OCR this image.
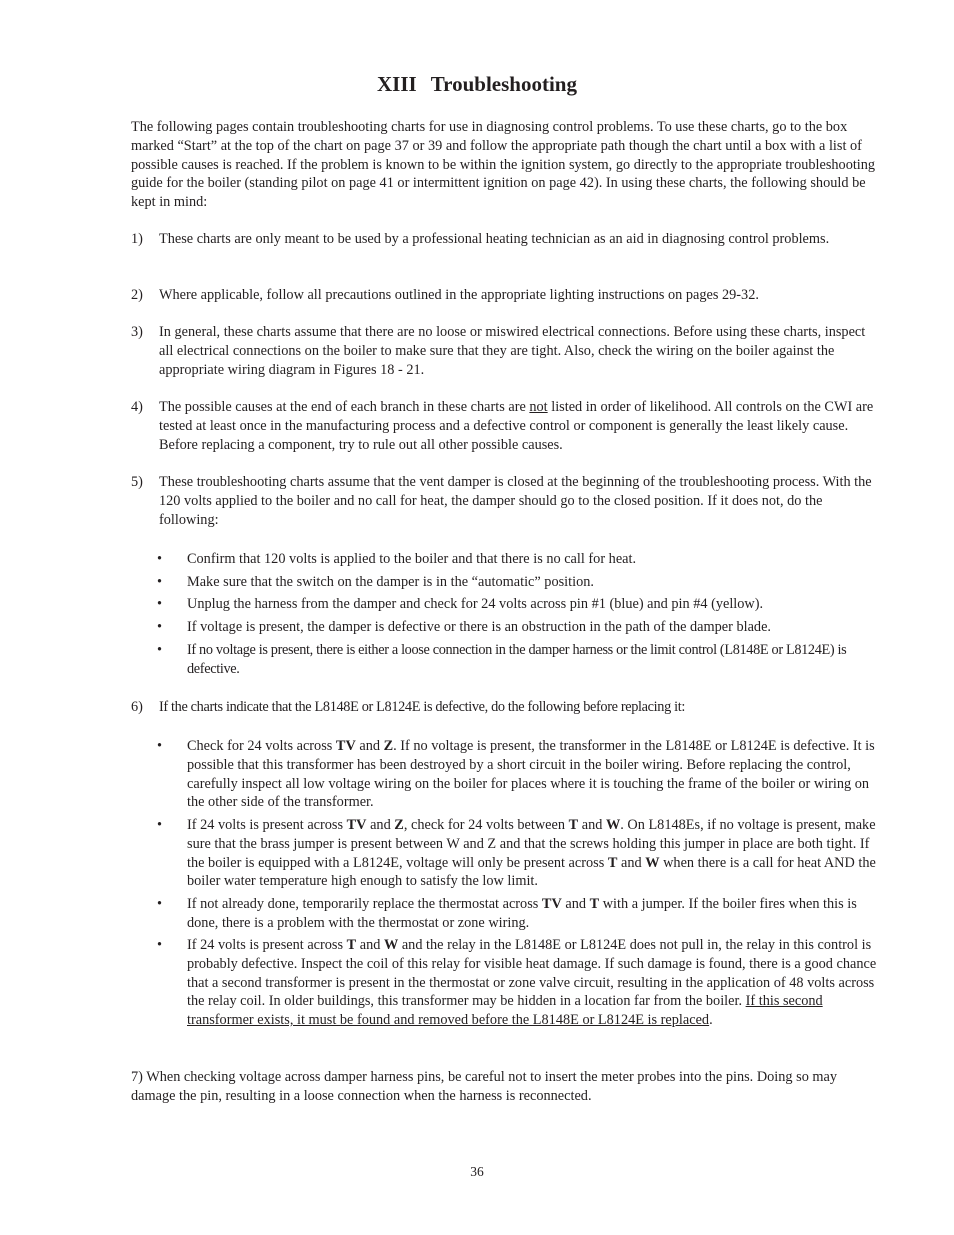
XIII Troubleshooting

The following pages contain troubleshooting charts for use in diagnosing control problems. To use these charts, go to the box marked “Start” at the top of the chart on page 37 or 39 and follow the appropriate path though the chart until a box with a list of possible causes is reached. If the problem is known to be within the ignition system, go directly to the appropriate troubleshooting guide for the boiler (standing pilot on page 41 or intermittent ignition on page 42). In using these charts, the following should be kept in mind:

1) These charts are only meant to be used by a professional heating technician as an aid in diagnosing control problems.
2) Where applicable, follow all precautions outlined in the appropriate lighting instructions on pages 29-32.
3) In general, these charts assume that there are no loose or miswired electrical connections. Before using these charts, inspect all electrical connections on the boiler to make sure that they are tight. Also, check the wiring on the boiler against the appropriate wiring diagram in Figures 18 - 21.
4) The possible causes at the end of each branch in these charts are not listed in order of likelihood. All controls on the CWI are tested at least once in the manufacturing process and a defective control or component is generally the least likely cause. Before replacing a component, try to rule out all other possible causes.
5) These troubleshooting charts assume that the vent damper is closed at the beginning of the troubleshooting process. With the 120 volts applied to the boiler and no call for heat, the damper should go to the closed position. If it does not, do the following:
• Confirm that 120 volts is applied to the boiler and that there is no call for heat.
• Make sure that the switch on the damper is in the “automatic” position.
• Unplug the harness from the damper and check for 24 volts across pin #1 (blue) and pin #4 (yellow).
• If voltage is present, the damper is defective or there is an obstruction in the path of the damper blade.
• If no voltage is present, there is either a loose connection in the damper harness or the limit control (L8148E or L8124E) is defective.
6) If the charts indicate that the L8148E or L8124E is defective, do the following before replacing it:
• Check for 24 volts across TV and Z. If no voltage is present, the transformer in the L8148E or L8124E is defective. It is possible that this transformer has been destroyed by a short circuit in the boiler wiring. Before replacing the control, carefully inspect all low voltage wiring on the boiler for places where it is touching the frame of the boiler or wiring on the other side of the transformer.
• If 24 volts is present across TV and Z, check for 24 volts between T and W. On L8148Es, if no voltage is present, make sure that the brass jumper is present between W and Z and that the screws holding this jumper in place are both tight. If the boiler is equipped with a L8124E, voltage will only be present across T and W when there is a call for heat AND the boiler water temperature high enough to satisfy the low limit.
• If not already done, temporarily replace the thermostat across TV and T with a jumper. If the boiler fires when this is done, there is a problem with the thermostat or zone wiring.
• If 24 volts is present across T and W and the relay in the L8148E or L8124E does not pull in, the relay in this control is probably defective. Inspect the coil of this relay for visible heat damage. If such damage is found, there is a good chance that a second transformer is present in the thermostat or zone valve circuit, resulting in the application of 48 volts across the relay coil. In older buildings, this transformer may be hidden in a location far from the boiler. If this second transformer exists, it must be found and removed before the L8148E or L8124E is replaced.

7) When checking voltage across damper harness pins, be careful not to insert the meter probes into the pins. Doing so may damage the pin, resulting in a loose connection when the harness is reconnected.

36
